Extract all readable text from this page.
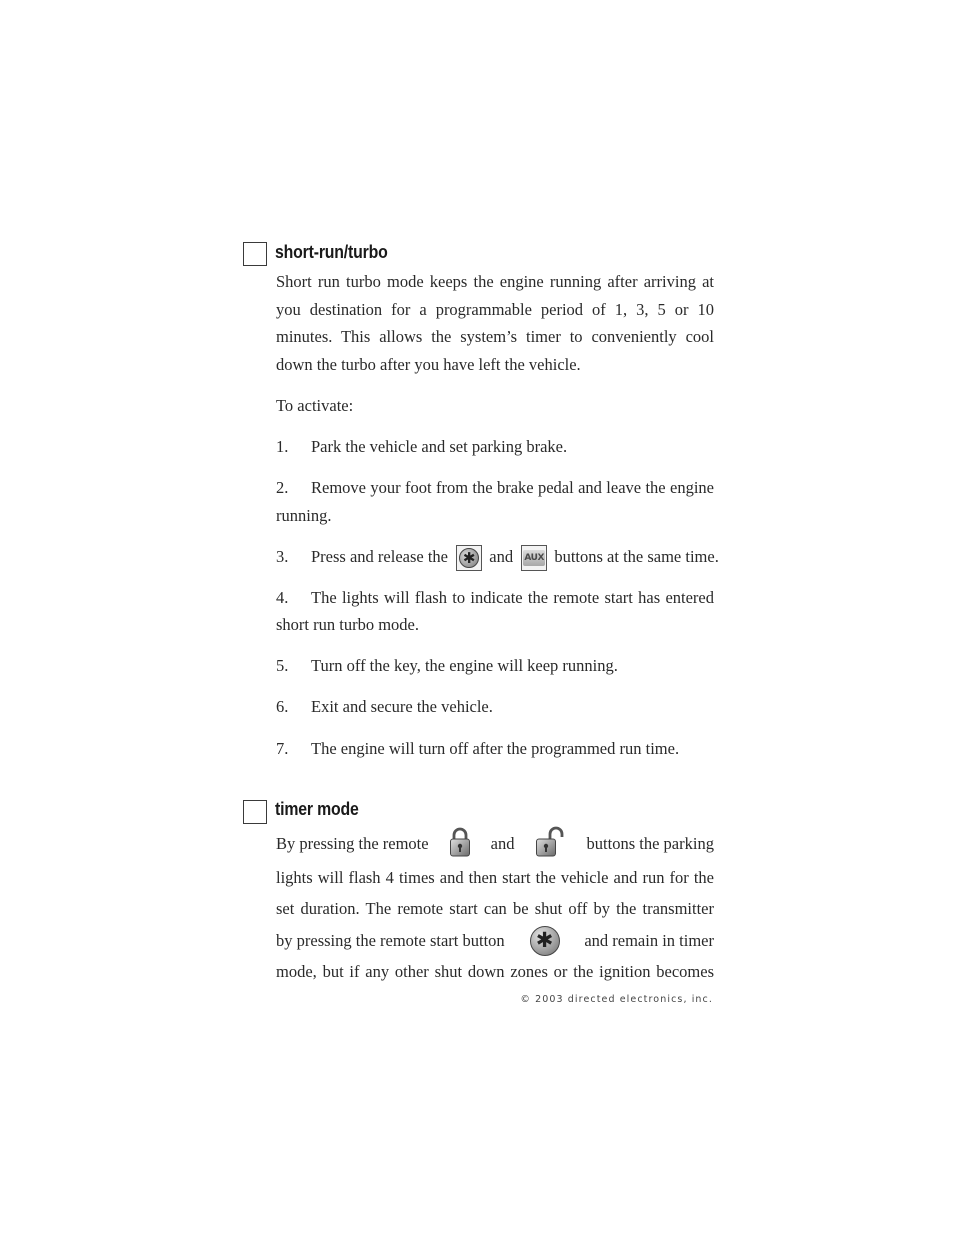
short-run/turbo

Short run turbo mode keeps the engine running after arriving at you destination for a programmable period of 1, 3, 5 or 10 minutes. This allows the system’s timer to conveniently cool down the turbo after you have left the vehicle.

To activate:
1. Park the vehicle and set parking brake.

2. Remove your foot from the brake pedal and leave the engine running.

3. Press and release the ✱ and AUX buttons at the same time.

4. The lights will flash to indicate the remote start has entered short run turbo mode.

5. Turn off the key, the engine will keep running.
6. Exit and secure the vehicle.
7. The engine will turn off after the programmed run time.
timer mode
By pressing the remote	and	buttons the parking
lights will flash 4 times and then start the vehicle and run for the
set duration. The remote start can be shut off by the transmitter
by pressing the remote start button ✱	and remain in timer
mode, but if any other shut down zones or the ignition becomes
© 2003 directed electronics, inc.
